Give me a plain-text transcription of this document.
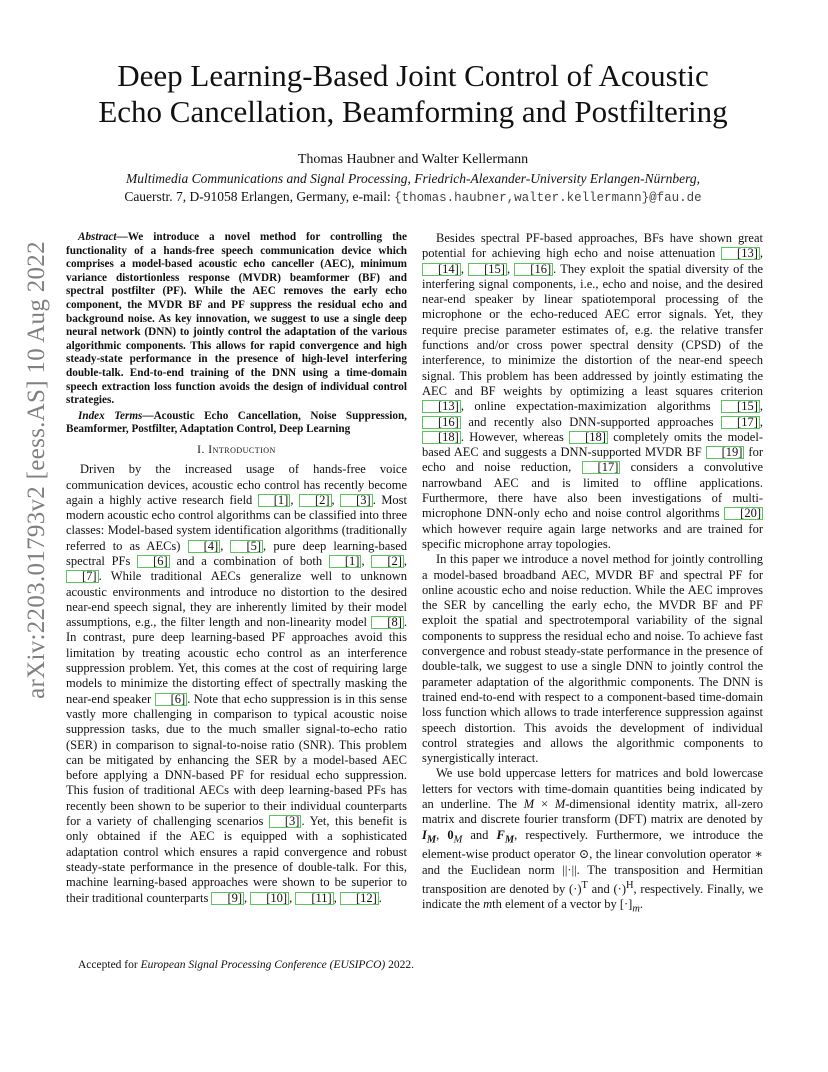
arXiv:2203.01793v2 [eess.AS] 10 Aug 2022
Deep Learning-Based Joint Control of Acoustic
Echo Cancellation, Beamforming and Postfiltering
Thomas Haubner and Walter Kellermann
Multimedia Communications and Signal Processing, Friedrich-Alexander-University Erlangen-Nürnberg,
Cauerstr. 7, D-91058 Erlangen, Germany, e-mail: {thomas.haubner,walter.kellermann}@fau.de

Abstract—We introduce a novel method for controlling the functionality of a hands-free speech communication device which comprises a model-based acoustic echo canceller (AEC), minimum variance distortionless response (MVDR) beamformer (BF) and spectral postfilter (PF). While the AEC removes the early echo component, the MVDR BF and PF suppress the residual echo and background noise. As key innovation, we suggest to use a single deep neural network (DNN) to jointly control the adaptation of the various algorithmic components. This allows for rapid convergence and high steady-state performance in the presence of high-level interfering double-talk. End-to-end training of the DNN using a time-domain speech extraction loss function avoids the design of individual control strategies.

Index Terms—Acoustic Echo Cancellation, Noise Suppression, Beamformer, Postfilter, Adaptation Control, Deep Learning

I. Introduction

Driven by the increased usage of hands-free voice communication devices, acoustic echo control has recently become again a highly active research field [1] , [2] , [3] . Most modern acoustic echo control algorithms can be classified into three classes: Model-based system identification algorithms (traditionally referred to as AECs) [4] , [5] , pure deep learning-based spectral PFs [6] and a combination of both [1] , [2] , [7] . While traditional AECs generalize well to unknown acoustic environments and introduce no distortion to the desired near-end speech signal, they are inherently limited by their model assumptions, e.g., the filter length and non-linearity model [8] . In contrast, pure deep learning-based PF approaches avoid this limitation by treating acoustic echo control as an interference suppression problem. Yet, this comes at the cost of requiring large models to minimize the distorting effect of spectrally masking the near-end speaker [6] . Note that echo suppression is in this sense vastly more challenging in comparison to typical acoustic noise suppression tasks, due to the much smaller signal-to-echo ratio (SER) in comparison to signal-to-noise ratio (SNR). This problem can be mitigated by enhancing the SER by a model-based AEC before applying a DNN-based PF for residual echo suppression. This fusion of traditional AECs with deep learning-based PFs has recently been shown to be superior to their individual counterparts for a variety of challenging scenarios [3] . Yet, this benefit is only obtained if the AEC is equipped with a sophisticated adaptation control which ensures a rapid convergence and robust steady-state performance in the presence of double-talk. For this, machine learning-based approaches were shown to be superior to their traditional counterparts [9] , [10] , [11] , [12] .

Besides spectral PF-based approaches, BFs have shown great potential for achieving high echo and noise attenuation [13] , [14] , [15] , [16] . They exploit the spatial diversity of the interfering signal components, i.e., echo and noise, and the desired near-end speaker by linear spatiotemporal processing of the microphone or the echo-reduced AEC error signals. Yet, they require precise parameter estimates of, e.g. the relative transfer functions and/or cross power spectral density (CPSD) of the interference, to minimize the distortion of the near-end speech signal. This problem has been addressed by jointly estimating the AEC and BF weights by optimizing a least squares criterion [13] , online expectation-maximization algorithms [15] , [16] and recently also DNN-supported approaches [17] , [18] . However, whereas [18] completely omits the model-based AEC and suggests a DNN-supported MVDR BF [19] for echo and noise reduction, [17] considers a convolutive narrowband AEC and is limited to offline applications. Furthermore, there have also been investigations of multi-microphone DNN-only echo and noise control algorithms [20] which however require again large networks and are trained for specific microphone array topologies.

In this paper we introduce a novel method for jointly controlling a model-based broadband AEC, MVDR BF and spectral PF for online acoustic echo and noise reduction. While the AEC improves the SER by cancelling the early echo, the MVDR BF and PF exploit the spatial and spectrotemporal variability of the signal components to suppress the residual echo and noise. To achieve fast convergence and robust steady-state performance in the presence of double-talk, we suggest to use a single DNN to jointly control the parameter adaptation of the algorithmic components. The DNN is trained end-to-end with respect to a component-based time-domain loss function which allows to trade interference suppression against speech distortion. This avoids the development of individual control strategies and allows the algorithmic components to synergistically interact.

We use bold uppercase letters for matrices and bold lowercase letters for vectors with time-domain quantities being indicated by an underline. The M × M-dimensional identity matrix, all-zero matrix and discrete fourier transform (DFT) matrix are denoted by $I_M$, $0_M$ and $F_M$, respectively. Furthermore, we introduce the element-wise product operator ⊙, the linear convolution operator ∗ and the Euclidean norm ||·||. The transposition and Hermitian transposition are denoted by $(\cdot)^T$ and $(\cdot)^H$, respectively. Finally, we indicate the mth element of a vector by $[\cdot]_m$.

Accepted for European Signal Processing Conference (EUSIPCO) 2022.
